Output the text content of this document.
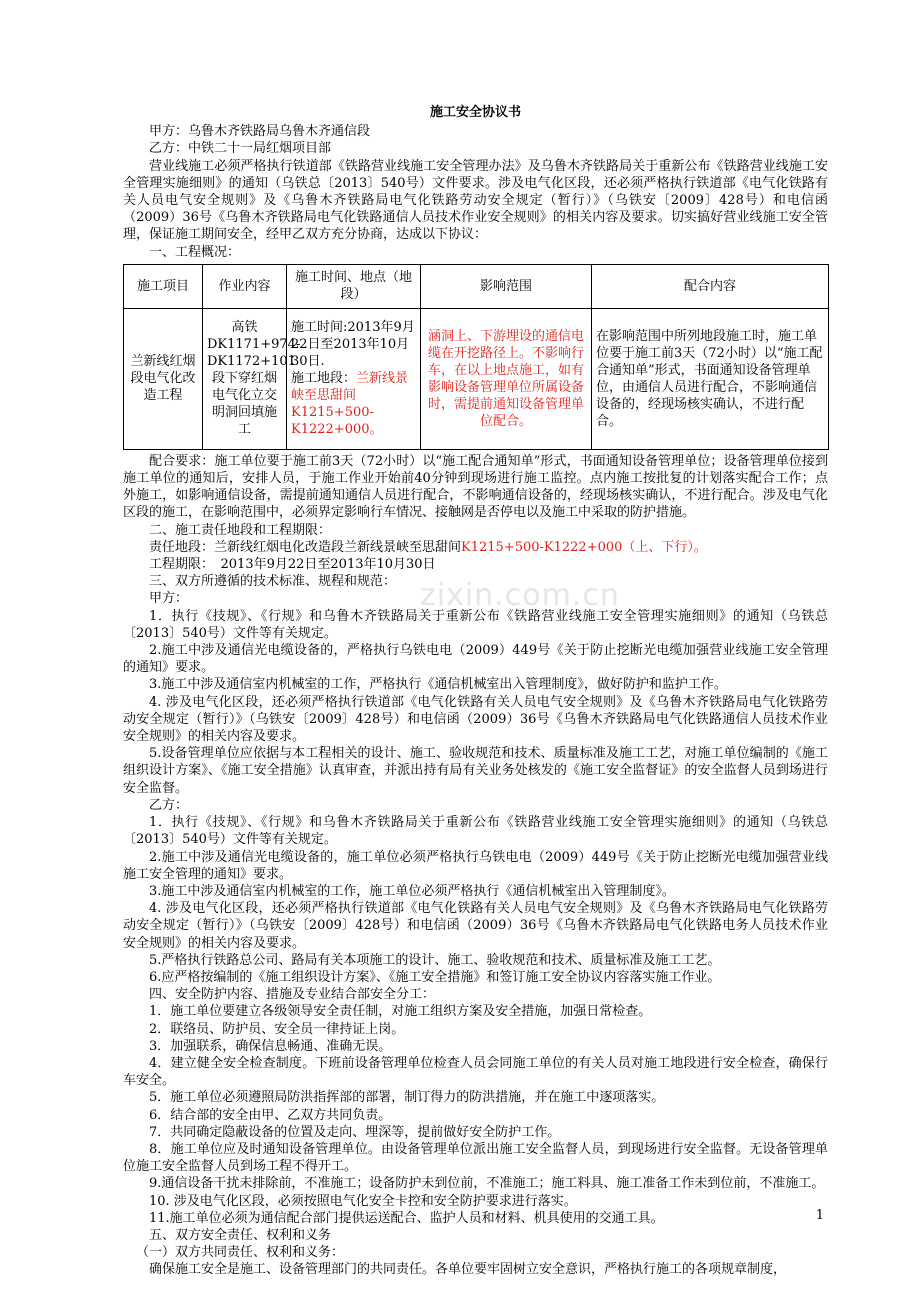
施工安全协议书

甲方：乌鲁木齐铁路局乌鲁木齐通信段

乙方：中铁二十一局红烟项目部

营业线施工必须严格执行铁道部《铁路营业线施工安全管理办法》及乌鲁木齐铁路局关于重新公布《铁路营业线施工安全管理实施细则》的通知（乌铁总〔2013〕540号）文件要求。涉及电气化区段，还必须严格执行铁道部《电气化铁路有关人员电气安全规则》及《乌鲁木齐铁路局电气化铁路劳动安全规定（暂行）》（乌铁安〔2009〕428号）和电信函（2009）36号《乌鲁木齐铁路局电气化铁路通信人员技术作业安全规则》的相关内容及要求。切实搞好营业线施工安全管理，保证施工期间安全，经甲乙双方充分协商，达成以下协议：

一、工程概况：

施工项目	作业内容	施工时间、地点（地段）	影响范围	配合内容
兰新线红烟段电气化改造工程	高铁DK1171+974-DK1172+101段下穿红烟电气化立交明洞回填施工	施工时间:2013年9月22日至2013年10月30日.
施工地段：兰新线景峡至思甜间K1215+500-K1222+000。	涵洞上、下游埋设的通信电缆在开挖路径上。不影响行车，在以上地点施工，如有影响设备管理单位所属设备时，需提前通知设备管理单位配合。	在影响范围中所列地段施工时，施工单位要于施工前3天（72小时）以“施工配合通知单”形式，书面通知设备管理单位，由通信人员进行配合，不影响通信设备的，经现场核实确认，不进行配合。

配合要求：施工单位要于施工前3天（72小时）以“施工配合通知单”形式，书面通知设备管理单位；设备管理单位接到施工单位的通知后，安排人员，于施工作业开始前40分钟到现场进行施工监控。点内施工按批复的计划落实配合工作；点外施工，如影响通信设备，需提前通知通信人员进行配合，不影响通信设备的，经现场核实确认，不进行配合。涉及电气化区段的施工，在影响范围中，必须界定影响行车情况、接触网是否停电以及施工中采取的防护措施。

二、施工责任地段和工程期限：

责任地段：兰新线红烟电化改造段兰新线景峡至思甜间K1215+500-K1222+000（上、下行）。

工程期限：　2013年9月22日至2013年10月30日

三、双方所遵循的技术标准、规程和规范：

甲方：

1．执行《技规》、《行规》和乌鲁木齐铁路局关于重新公布《铁路营业线施工安全管理实施细则》的通知（乌铁总〔2013〕540号）文件等有关规定。

2.施工中涉及通信光电缆设备的，严格执行乌铁电电（2009）449号《关于防止挖断光电缆加强营业线施工安全管理的通知》要求。

3.施工中涉及通信室内机械室的工作，严格执行《通信机械室出入管理制度》，做好防护和监护工作。

4. 涉及电气化区段，还必须严格执行铁道部《电气化铁路有关人员电气安全规则》及《乌鲁木齐铁路局电气化铁路劳动安全规定（暂行）》（乌铁安〔2009〕428号）和电信函（2009）36号《乌鲁木齐铁路局电气化铁路通信人员技术作业安全规则》的相关内容及要求。

5.设备管理单位应依据与本工程相关的设计、施工、验收规范和技术、质量标准及施工工艺，对施工单位编制的《施工组织设计方案》、《施工安全措施》认真审查，并派出持有局有关业务处核发的《施工安全监督证》的安全监督人员到场进行安全监督。

乙方：

1．执行《技规》、《行规》和乌鲁木齐铁路局关于重新公布《铁路营业线施工安全管理实施细则》的通知（乌铁总〔2013〕540号）文件等有关规定。

2.施工中涉及通信光电缆设备的，施工单位必须严格执行乌铁电电（2009）449号《关于防止挖断光电缆加强营业线施工安全管理的通知》要求。

3.施工中涉及通信室内机械室的工作，施工单位必须严格执行《通信机械室出入管理制度》。

4. 涉及电气化区段，还必须严格执行铁道部《电气化铁路有关人员电气安全规则》及《乌鲁木齐铁路局电气化铁路劳动安全规定（暂行）》（乌铁安〔2009〕428号）和电信函（2009）36号《乌鲁木齐铁路局电气化铁路电务人员技术作业安全规则》的相关内容及要求。

5.严格执行铁路总公司、路局有关本项施工的设计、施工、验收规范和技术、质量标准及施工工艺。

6.应严格按编制的《施工组织设计方案》、《施工安全措施》和签订施工安全协议内容落实施工作业。

四、安全防护内容、措施及专业结合部安全分工：

1．施工单位要建立各级领导安全责任制，对施工组织方案及安全措施，加强日常检查。

2．联络员、防护员、安全员一律持证上岗。

3．加强联系，确保信息畅通、准确无误。

4．建立健全安全检查制度。下班前设备管理单位检查人员会同施工单位的有关人员对施工地段进行安全检查，确保行车安全。

5．施工单位必须遵照局防洪指挥部的部署，制订得力的防洪措施，并在施工中逐项落实。

6．结合部的安全由甲、乙双方共同负责。

7．共同确定隐蔽设备的位置及走向、埋深等，提前做好安全防护工作。

8．施工单位应及时通知设备管理单位。由设备管理单位派出施工安全监督人员，到现场进行安全监督。无设备管理单位施工安全监督人员到场工程不得开工。

9.通信设备干扰未排除前，不准施工；设备防护未到位前，不准施工；施工料具、施工准备工作未到位前，不准施工。

10. 涉及电气化区段，必须按照电气化安全卡控和安全防护要求进行落实。

11.施工单位必须为通信配合部门提供运送配合、监护人员和材料、机具使用的交通工具。

五、双方安全责任、权利和义务

（一）双方共同责任、权利和义务：

确保施工安全是施工、设备管理部门的共同责任。各单位要牢固树立安全意识，严格执行施工的各项规章制度，

zixin.com.cn
1
